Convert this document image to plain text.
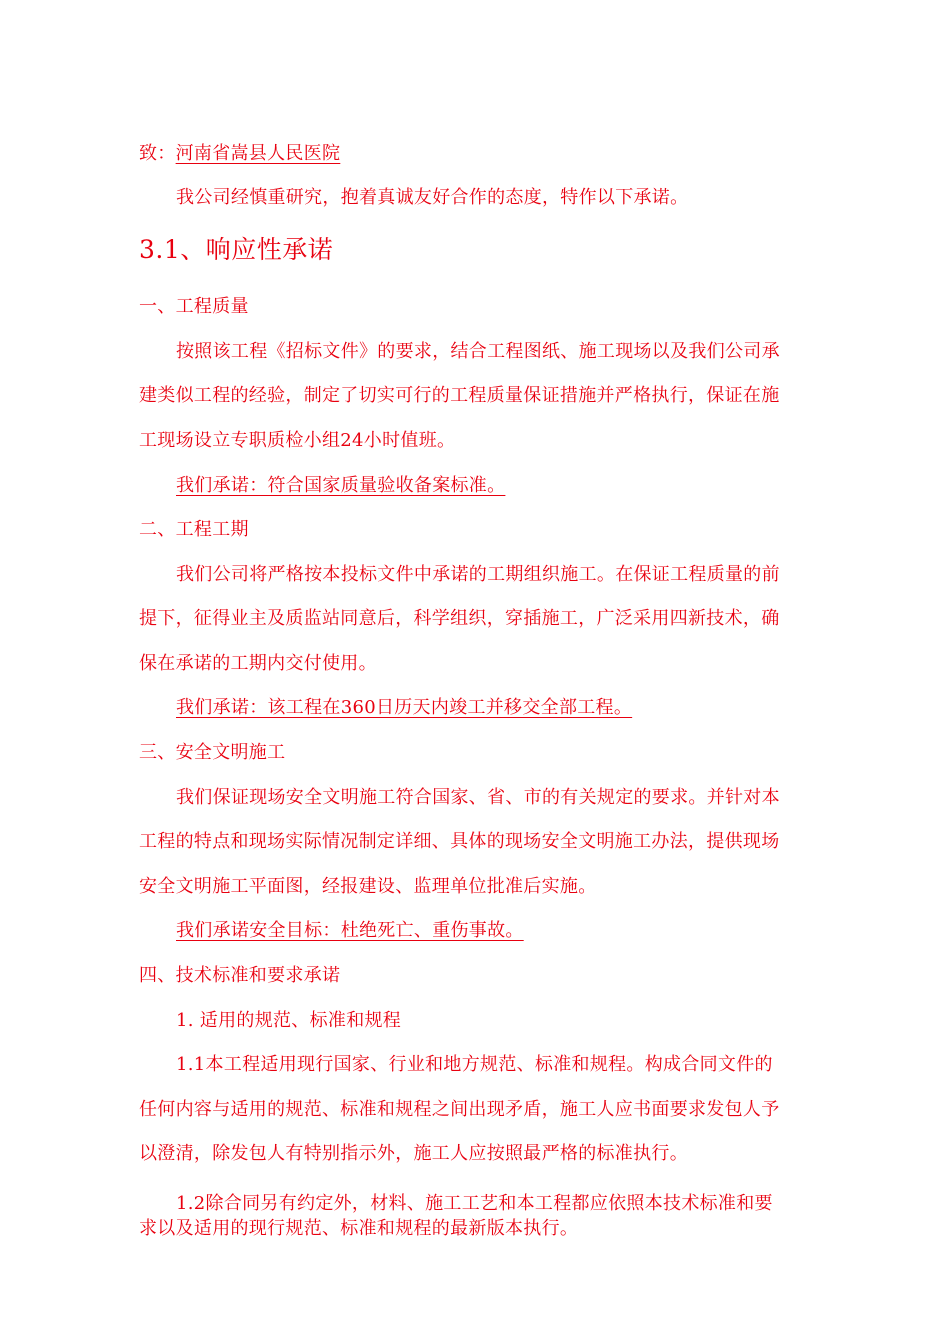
致：河南省嵩县人民医院
我公司经慎重研究，抱着真诚友好合作的态度，特作以下承诺。
3.1、响应性承诺
一、工程质量
按照该工程《招标文件》的要求，结合工程图纸、施工现场以及我们公司承
建类似工程的经验，制定了切实可行的工程质量保证措施并严格执行，保证在施
工现场设立专职质检小组24小时值班。
我们承诺：符合国家质量验收备案标准。
二、工程工期
我们公司将严格按本投标文件中承诺的工期组织施工。在保证工程质量的前
提下，征得业主及质监站同意后，科学组织，穿插施工，广泛采用四新技术，确
保在承诺的工期内交付使用。
我们承诺：该工程在360日历天内竣工并移交全部工程。
三、安全文明施工
我们保证现场安全文明施工符合国家、省、市的有关规定的要求。并针对本
工程的特点和现场实际情况制定详细、具体的现场安全文明施工办法，提供现场
安全文明施工平面图，经报建设、监理单位批准后实施。
我们承诺安全目标：杜绝死亡、重伤事故。
四、技术标准和要求承诺
1. 适用的规范、标准和规程
1.1本工程适用现行国家、行业和地方规范、标准和规程。构成合同文件的
任何内容与适用的规范、标准和规程之间出现矛盾，施工人应书面要求发包人予
以澄清，除发包人有特别指示外，施工人应按照最严格的标准执行。
1.2除合同另有约定外，材料、施工工艺和本工程都应依照本技术标准和要
求以及适用的现行规范、标准和规程的最新版本执行。
